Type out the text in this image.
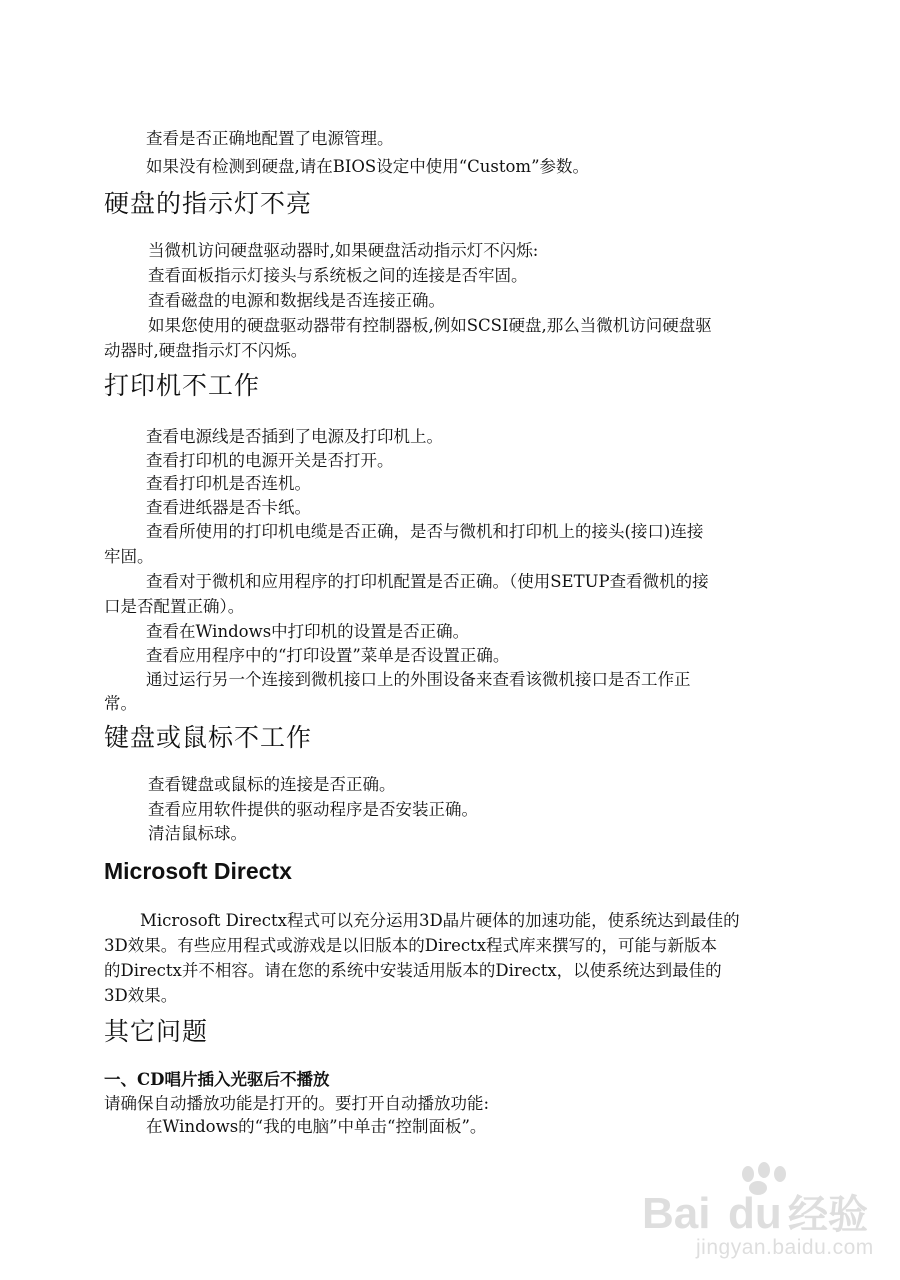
查看是否正确地配置了电源管理。
如果没有检测到硬盘,请在BIOS设定中使用“Custom”参数。
硬盘的指示灯不亮
当微机访问硬盘驱动器时,如果硬盘活动指示灯不闪烁:
查看面板指示灯接头与系统板之间的连接是否牢固。
查看磁盘的电源和数据线是否连接正确。
如果您使用的硬盘驱动器带有控制器板,例如SCSI硬盘,那么当微机访问硬盘驱
动器时,硬盘指示灯不闪烁。
打印机不工作
查看电源线是否插到了电源及打印机上。
查看打印机的电源开关是否打开。
查看打印机是否连机。
查看进纸器是否卡纸。
查看所使用的打印机电缆是否正确，是否与微机和打印机上的接头(接口)连接
牢固。
查看对于微机和应用程序的打印机配置是否正确。（使用SETUP查看微机的接
口是否配置正确）。
查看在Windows中打印机的设置是否正确。
查看应用程序中的“打印设置”菜单是否设置正确。
通过运行另一个连接到微机接口上的外围设备来查看该微机接口是否工作正
常。
键盘或鼠标不工作
查看键盘或鼠标的连接是否正确。
查看应用软件提供的驱动程序是否安装正确。
清洁鼠标球。
Microsoft Directx
Microsoft Directx程式可以充分运用3D晶片硬体的加速功能，使系统达到最佳的
3D效果。有些应用程式或游戏是以旧版本的Directx程式库来撰写的，可能与新版本
的Directx并不相容。请在您的系统中安装适用版本的Directx，以使系统达到最佳的
3D效果。
其它问题
一、CD唱片插入光驱后不播放
请确保自动播放功能是打开的。要打开自动播放功能:
在Windows的“我的电脑”中单击“控制面板”。
Bai du 经验
jingyan.baidu.com
